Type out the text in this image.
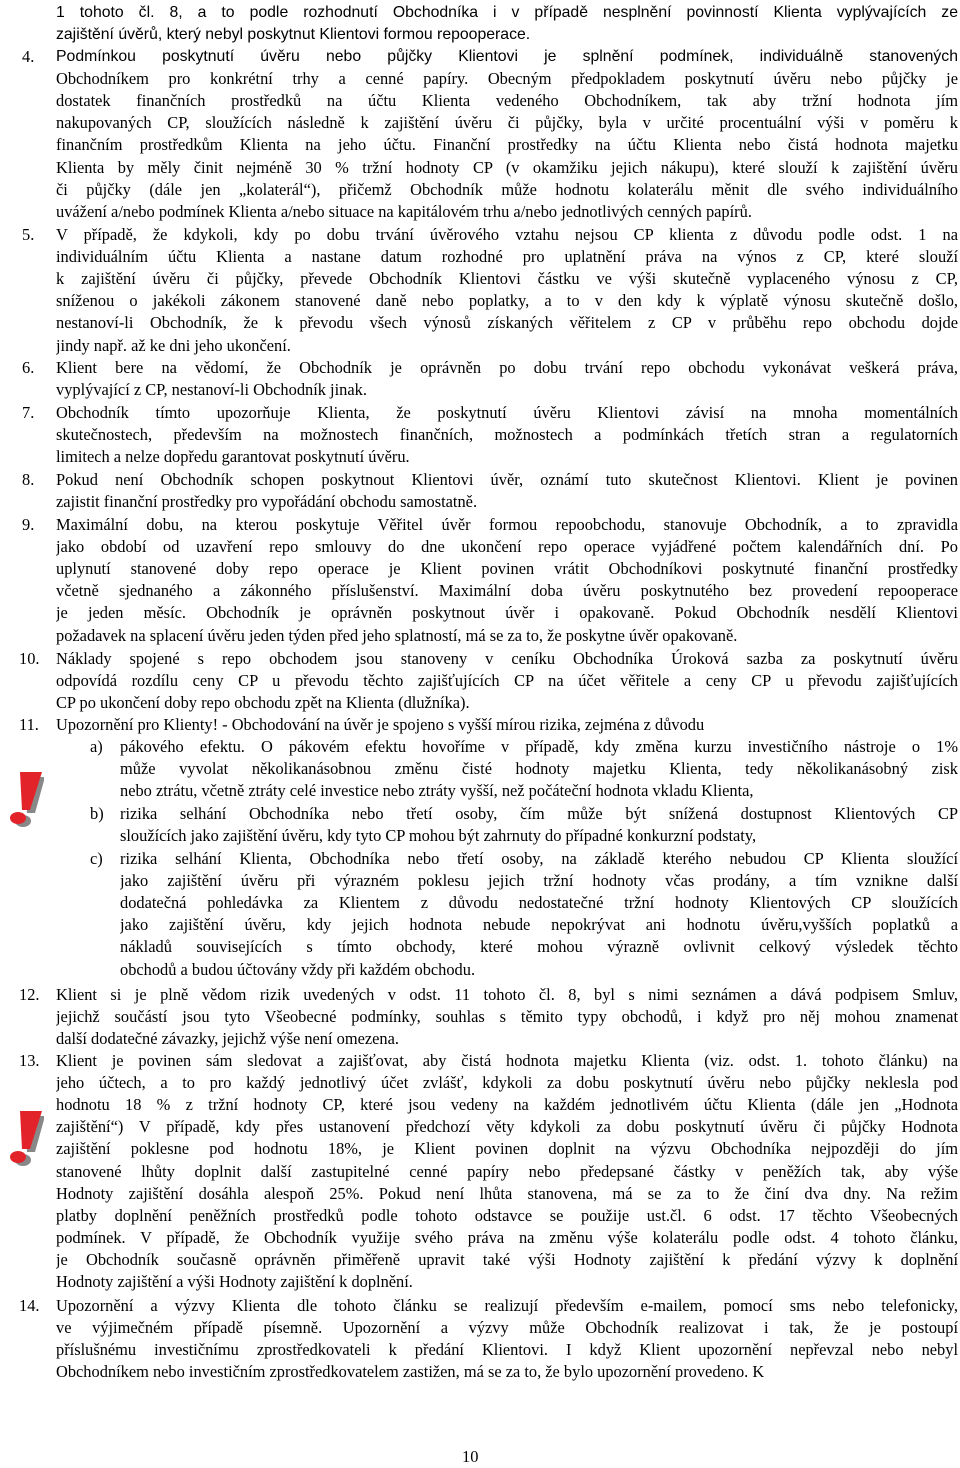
1 tohoto čl. 8, a to podle rozhodnutí Obchodníka i v případě nesplnění povinností Klienta vyplývajících ze
zajištění úvěrů, který nebyl poskytnut Klientovi formou repooperace.
4. Podmínkou poskytnutí úvěru nebo půjčky Klientovi je splnění podmínek, individuálně stanovených
Obchodníkem pro konkrétní trhy a cenné papíry. Obecným předpokladem poskytnutí úvěru nebo půjčky je
dostatek finančních prostředků na účtu Klienta vedeného Obchodníkem, tak aby tržní hodnota jím
nakupovaných CP, sloužících následně k zajištění úvěru či půjčky, byla v určité procentuální výši v poměru k
finančním prostředkům Klienta na jeho účtu. Finanční prostředky na účtu Klienta nebo čistá hodnota majetku
Klienta by měly činit nejméně 30 % tržní hodnoty CP (v okamžiku jejich nákupu), které slouží k zajištění úvěru
či půjčky (dále jen „kolaterál“), přičemž Obchodník může hodnotu kolaterálu měnit dle svého individuálního
uvážení a/nebo podmínek Klienta a/nebo situace na kapitálovém trhu a/nebo jednotlivých cenných papírů.
5. V případě, že kdykoli, kdy po dobu trvání úvěrového vztahu nejsou CP klienta z důvodu podle odst. 1 na
individuálním účtu Klienta a nastane datum rozhodné pro uplatnění práva na výnos z CP, které slouží
k zajištění úvěru či půjčky, převede Obchodník Klientovi částku ve výši skutečně vyplaceného výnosu z CP,
sníženou o jakékoli zákonem stanovené daně nebo poplatky, a to v den kdy k výplatě výnosu skutečně došlo,
nestanoví-li Obchodník, že k převodu všech výnosů získaných věřitelem z CP v průběhu repo obchodu dojde
jindy např. až ke dni jeho ukončení.
6. Klient bere na vědomí, že Obchodník je oprávněn po dobu trvání repo obchodu vykonávat veškerá práva,
vyplývající z CP, nestanoví-li Obchodník jinak.
7. Obchodník tímto upozorňuje Klienta, že poskytnutí úvěru Klientovi závisí na mnoha momentálních
skutečnostech, především na možnostech finančních, možnostech a podmínkách třetích stran a regulatorních
limitech a nelze dopředu garantovat poskytnutí úvěru.
8. Pokud není Obchodník schopen poskytnout Klientovi úvěr, oznámí tuto skutečnost Klientovi. Klient je povinen
zajistit finanční prostředky pro vypořádání obchodu samostatně.
9. Maximální dobu, na kterou poskytuje Věřitel úvěr formou repoobchodu, stanovuje Obchodník, a to zpravidla
jako období od uzavření repo smlouvy do dne ukončení repo operace vyjádřené počtem kalendářních dní. Po
uplynutí stanovené doby repo operace je Klient povinen vrátit Obchodníkovi poskytnuté finanční prostředky
včetně sjednaného a zákonného příslušenství. Maximální doba úvěru poskytnutého bez provedení repooperace
je jeden měsíc. Obchodník je oprávněn poskytnout úvěr i opakovaně. Pokud Obchodník nesdělí Klientovi
požadavek na splacení úvěru jeden týden před jeho splatností, má se za to, že poskytne úvěr opakovaně.
10. Náklady spojené s repo obchodem jsou stanoveny v ceníku Obchodníka Úroková sazba za poskytnutí úvěru
odpovídá rozdílu ceny CP u převodu těchto zajišťujících CP na účet věřitele a ceny CP u převodu zajišťujících
CP po ukončení doby repo obchodu zpět na Klienta (dlužníka).
11. Upozornění pro Klienty! - Obchodování na úvěr je spojeno s vyšší mírou rizika, zejména z důvodu
a) pákového efektu. O pákovém efektu hovoříme v případě, kdy změna kurzu investičního nástroje o 1%
může vyvolat několikanásobnou změnu čisté hodnoty majetku Klienta, tedy několikanásobný zisk
nebo ztrátu, včetně ztráty celé investice nebo ztráty vyšší, než počáteční hodnota vkladu Klienta,
b) rizika selhání Obchodníka nebo třetí osoby, čím může být snížená dostupnost Klientových CP
sloužících jako zajištění úvěru, kdy tyto CP mohou být zahrnuty do případné konkurzní podstaty,
c) rizika selhání Klienta, Obchodníka nebo třetí osoby, na základě kterého nebudou CP Klienta sloužící
jako zajištění úvěru při výrazném poklesu jejich tržní hodnoty včas prodány, a tím vznikne další
dodatečná pohledávka za Klientem z důvodu nedostatečné tržní hodnoty Klientových CP sloužících
jako zajištění úvěru, kdy jejich hodnota nebude nepokrývat ani hodnotu úvěru,vyšších poplatků a
nákladů souvisejících s tímto obchody, které mohou výrazně ovlivnit celkový výsledek těchto
obchodů a budou účtovány vždy při každém obchodu.
12. Klient si je plně vědom rizik uvedených v odst. 11 tohoto čl. 8, byl s nimi seznámen a dává podpisem Smluv,
jejichž součástí jsou tyto Všeobecné podmínky, souhlas s těmito typy obchodů, i když pro něj mohou znamenat
další dodatečné závazky, jejichž výše není omezena.
13. Klient je povinen sám sledovat a zajišťovat, aby čistá hodnota majetku Klienta (viz. odst. 1. tohoto článku) na
jeho účtech, a to pro každý jednotlivý účet zvlášť, kdykoli za dobu poskytnutí úvěru nebo půjčky neklesla pod
hodnotu 18 % z tržní hodnoty CP, které jsou vedeny na každém jednotlivém účtu Klienta (dále jen „Hodnota
zajištění“) V případě, kdy přes ustanovení předchozí věty kdykoli za dobu poskytnutí úvěru či půjčky Hodnota
zajištění poklesne pod hodnotu 18%, je Klient povinen doplnit na výzvu Obchodníka nejpozději do jím
stanovené lhůty doplnit další zastupitelné cenné papíry nebo předepsané částky v peněžích tak, aby výše
Hodnoty zajištění dosáhla alespoň 25%. Pokud není lhůta stanovena, má se za to že činí dva dny. Na režim
platby doplnění peněžních prostředků podle tohoto odstavce se použije ust.čl. 6 odst. 17 těchto Všeobecných
podmínek. V případě, že Obchodník využije svého práva na změnu výše kolaterálu podle odst. 4 tohoto článku,
je Obchodník současně oprávněn přiměřeně upravit také výši Hodnoty zajištění k předání výzvy k doplnění
Hodnoty zajištění a výši Hodnoty zajištění k doplnění.
14. Upozornění a výzvy Klienta dle tohoto článku se realizují především e-mailem, pomocí sms nebo telefonicky,
ve výjimečném případě písemně. Upozornění a výzvy může Obchodník realizovat i tak, že je postoupí
příslušnému investičnímu zprostředkovateli k předání Klientovi. I když Klient upozornění nepřevzal nebo nebyl
Obchodníkem nebo investičním zprostředkovatelem zastižen, má se za to, že bylo upozornění provedeno. K
10
